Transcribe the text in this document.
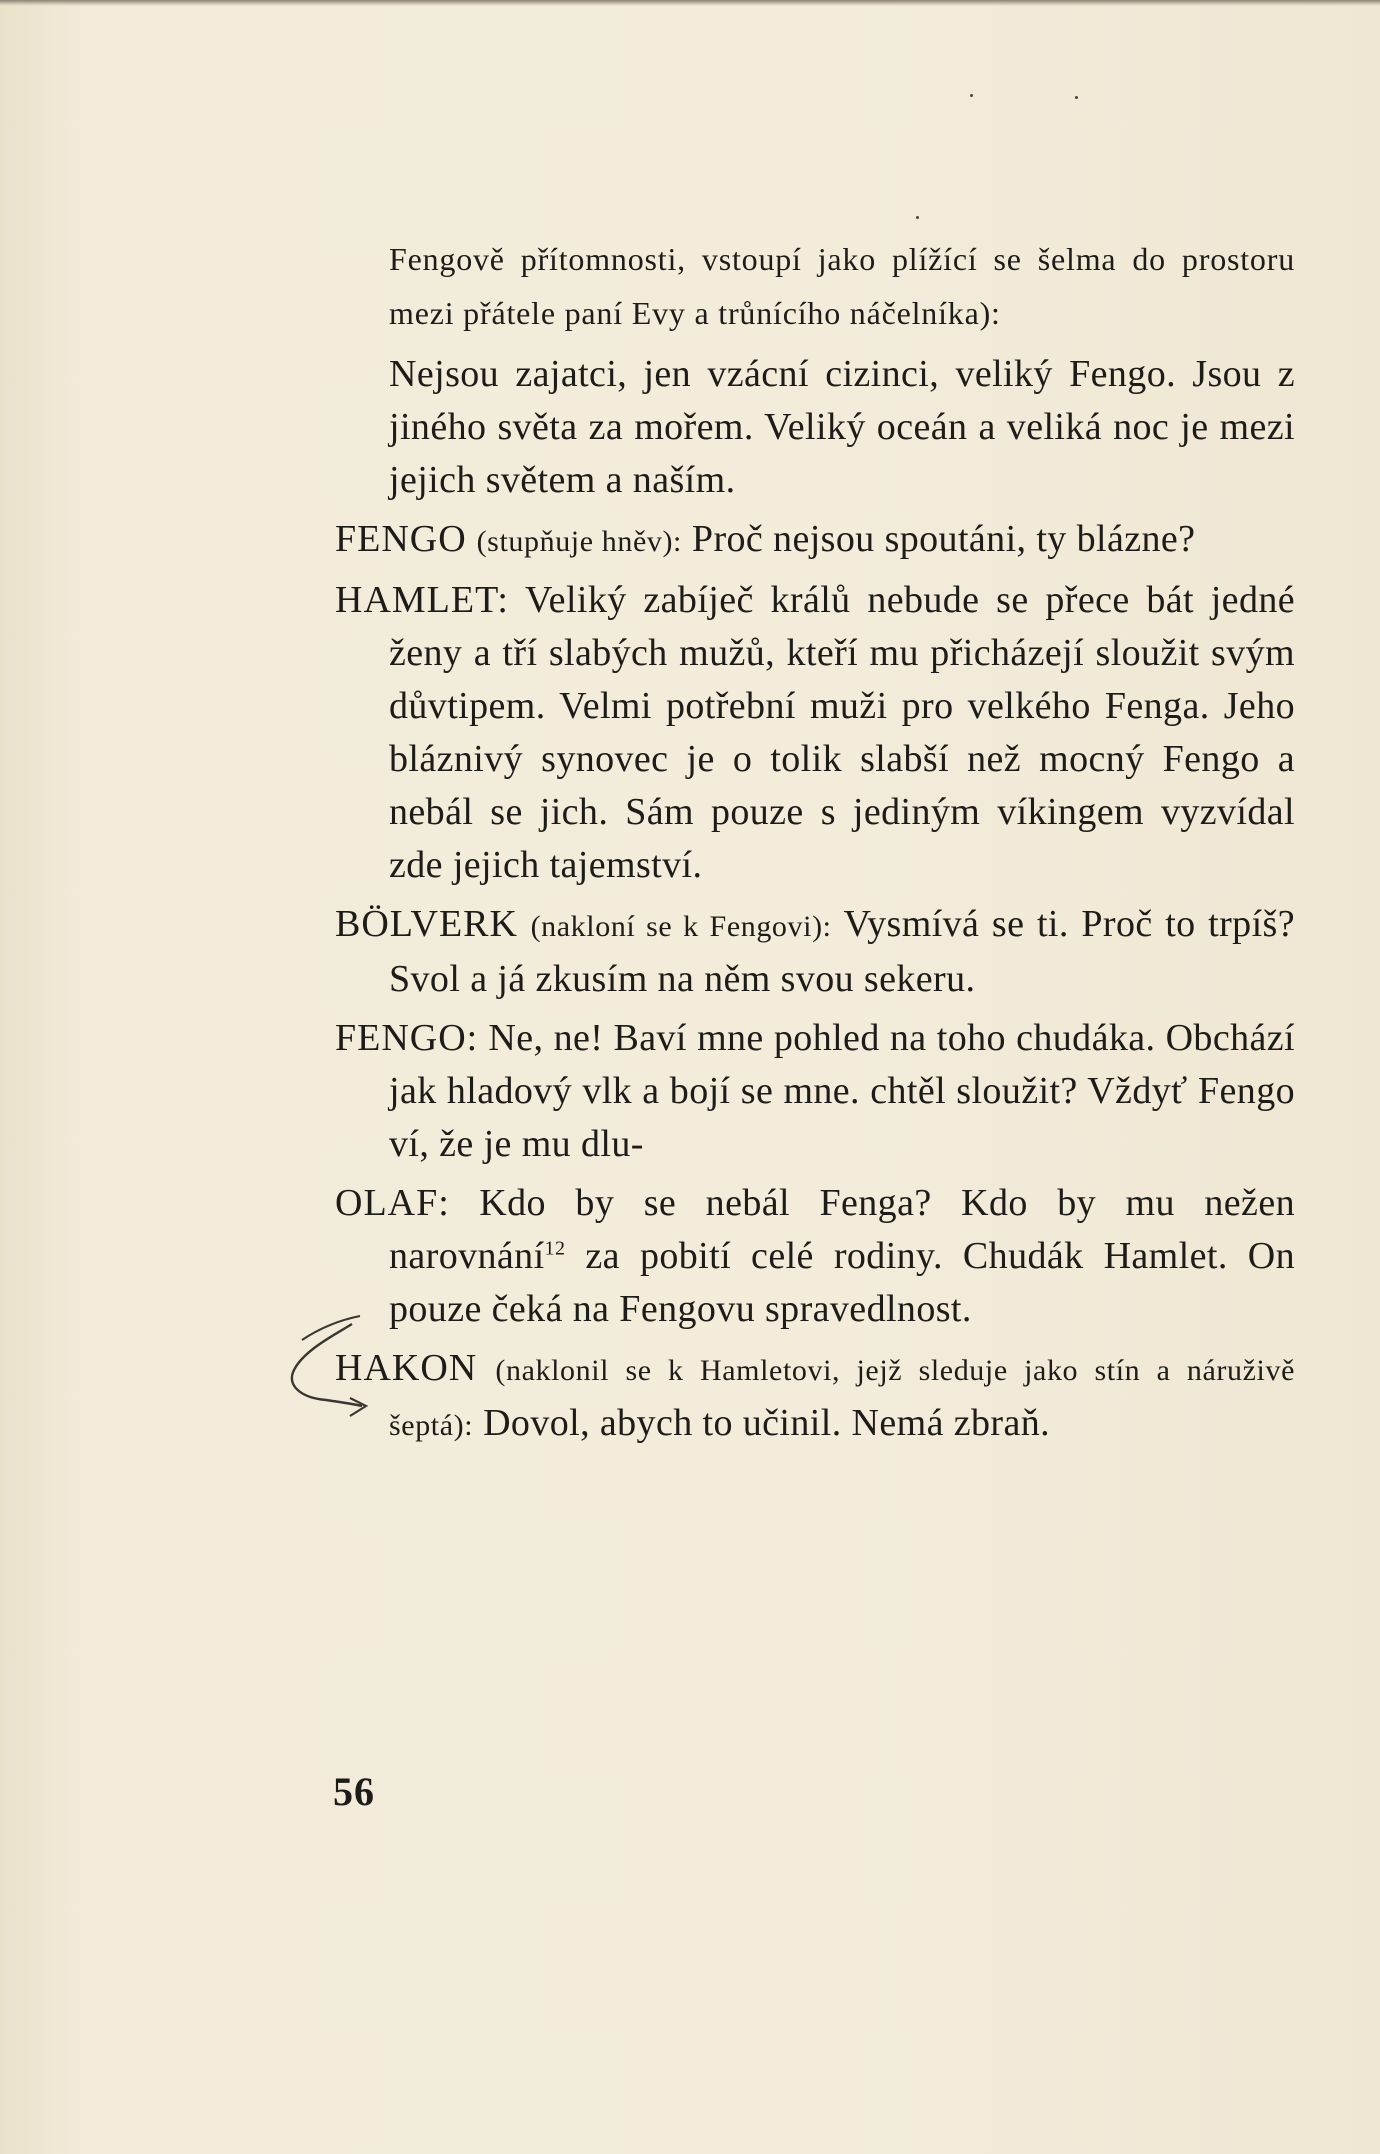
Fengově přítomnosti, vstoupí jako plížící se šelma do prostoru mezi přátele paní Evy a trůnícího náčelníka):

Nejsou zajatci, jen vzácní cizinci, veliký Fengo. Jsou z jiného světa za mořem. Veliký oceán a veliká noc je mezi jejich světem a naším.

FENGO (stupňuje hněv): Proč nejsou spoutáni, ty blázne?

HAMLET: Veliký zabíječ králů nebude se přece bát jedné ženy a tří slabých mužů, kteří mu přicházejí sloužit svým důvtipem. Velmi potřební muži pro velkého Fenga. Jeho bláznivý synovec je o tolik slabší než mocný Fengo a nebál se jich. Sám pouze s jediným víkingem vyzvídal zde jejich tajemství.

BÖLVERK (nakloní se k Fengovi): Vysmívá se ti. Proč to trpíš? Svol a já zkusím na něm svou sekeru.

FENGO: Ne, ne! Baví mne pohled na toho chudáka. Obchází jak hladový vlk a bojí se mne. chtěl sloužit? Vždyť Fengo ví, že je mu dlu-

OLAF: Kdo by se nebál Fenga? Kdo by mu nežen narovnání$^{12}$ za pobití celé rodiny. Chudák Hamlet. On pouze čeká na Fengovu spravedlnost.

HAKON (naklonil se k Hamletovi, jejž sleduje jako stín a náruživě šeptá): Dovol, abych to učinil. Nemá zbraň.

56
